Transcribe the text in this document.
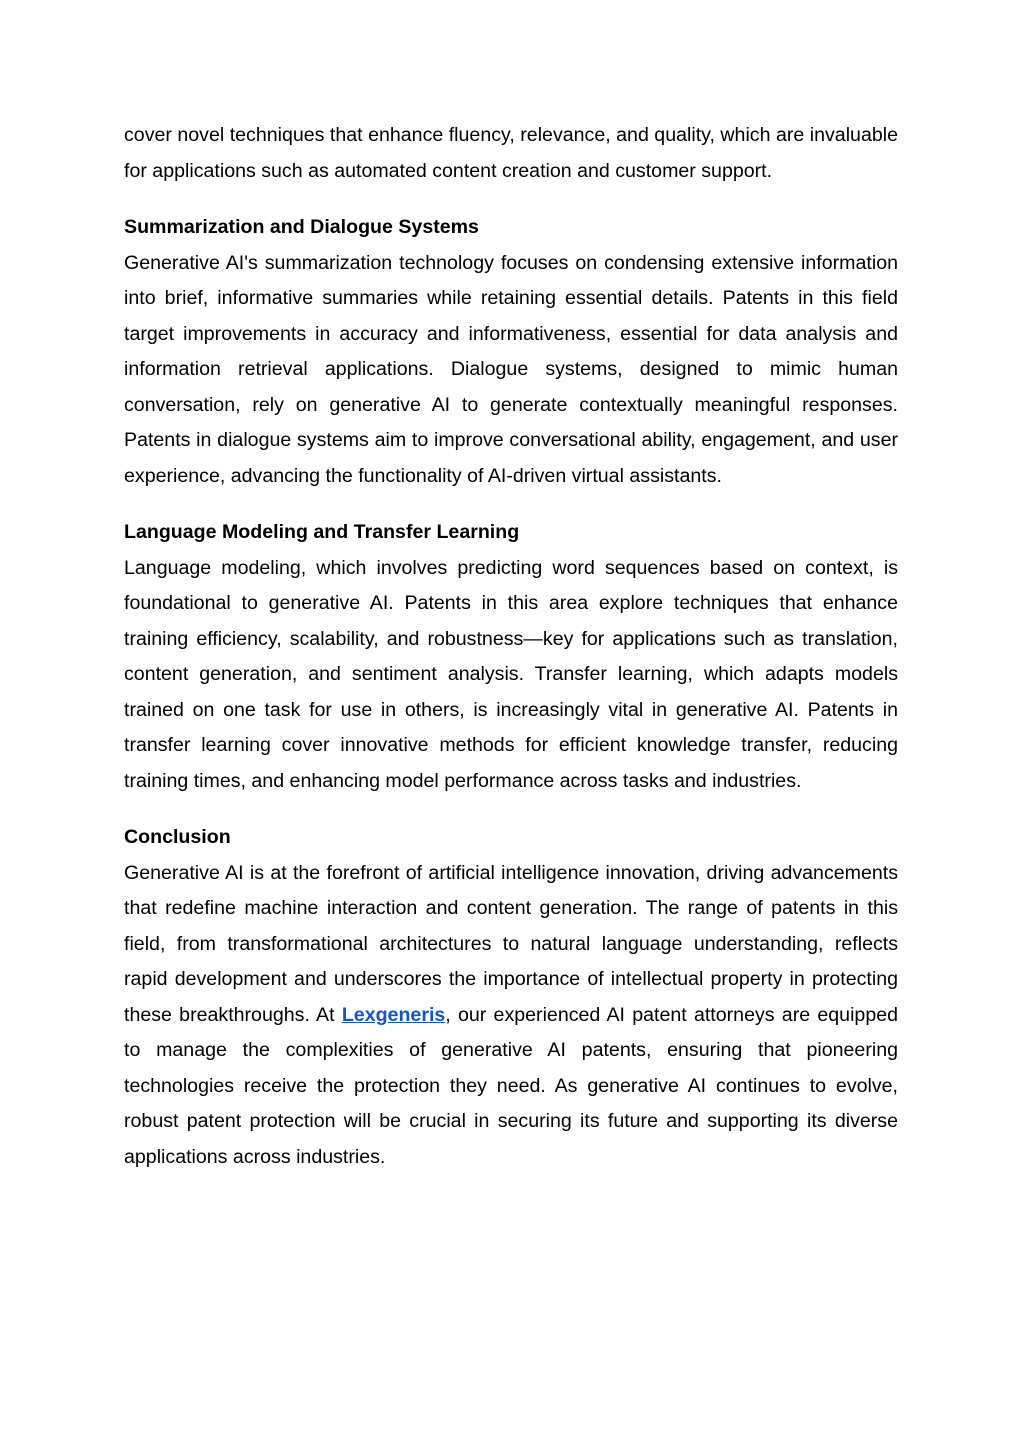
cover novel techniques that enhance fluency, relevance, and quality, which are invaluable for applications such as automated content creation and customer support.

Summarization and Dialogue Systems

Generative AI's summarization technology focuses on condensing extensive information into brief, informative summaries while retaining essential details. Patents in this field target improvements in accuracy and informativeness, essential for data analysis and information retrieval applications. Dialogue systems, designed to mimic human conversation, rely on generative AI to generate contextually meaningful responses. Patents in dialogue systems aim to improve conversational ability, engagement, and user experience, advancing the functionality of AI-driven virtual assistants.

Language Modeling and Transfer Learning

Language modeling, which involves predicting word sequences based on context, is foundational to generative AI. Patents in this area explore techniques that enhance training efficiency, scalability, and robustness—key for applications such as translation, content generation, and sentiment analysis. Transfer learning, which adapts models trained on one task for use in others, is increasingly vital in generative AI. Patents in transfer learning cover innovative methods for efficient knowledge transfer, reducing training times, and enhancing model performance across tasks and industries.

Conclusion

Generative AI is at the forefront of artificial intelligence innovation, driving advancements that redefine machine interaction and content generation. The range of patents in this field, from transformational architectures to natural language understanding, reflects rapid development and underscores the importance of intellectual property in protecting these breakthroughs. At Lexgeneris, our experienced AI patent attorneys are equipped to manage the complexities of generative AI patents, ensuring that pioneering technologies receive the protection they need. As generative AI continues to evolve, robust patent protection will be crucial in securing its future and supporting its diverse applications across industries.
